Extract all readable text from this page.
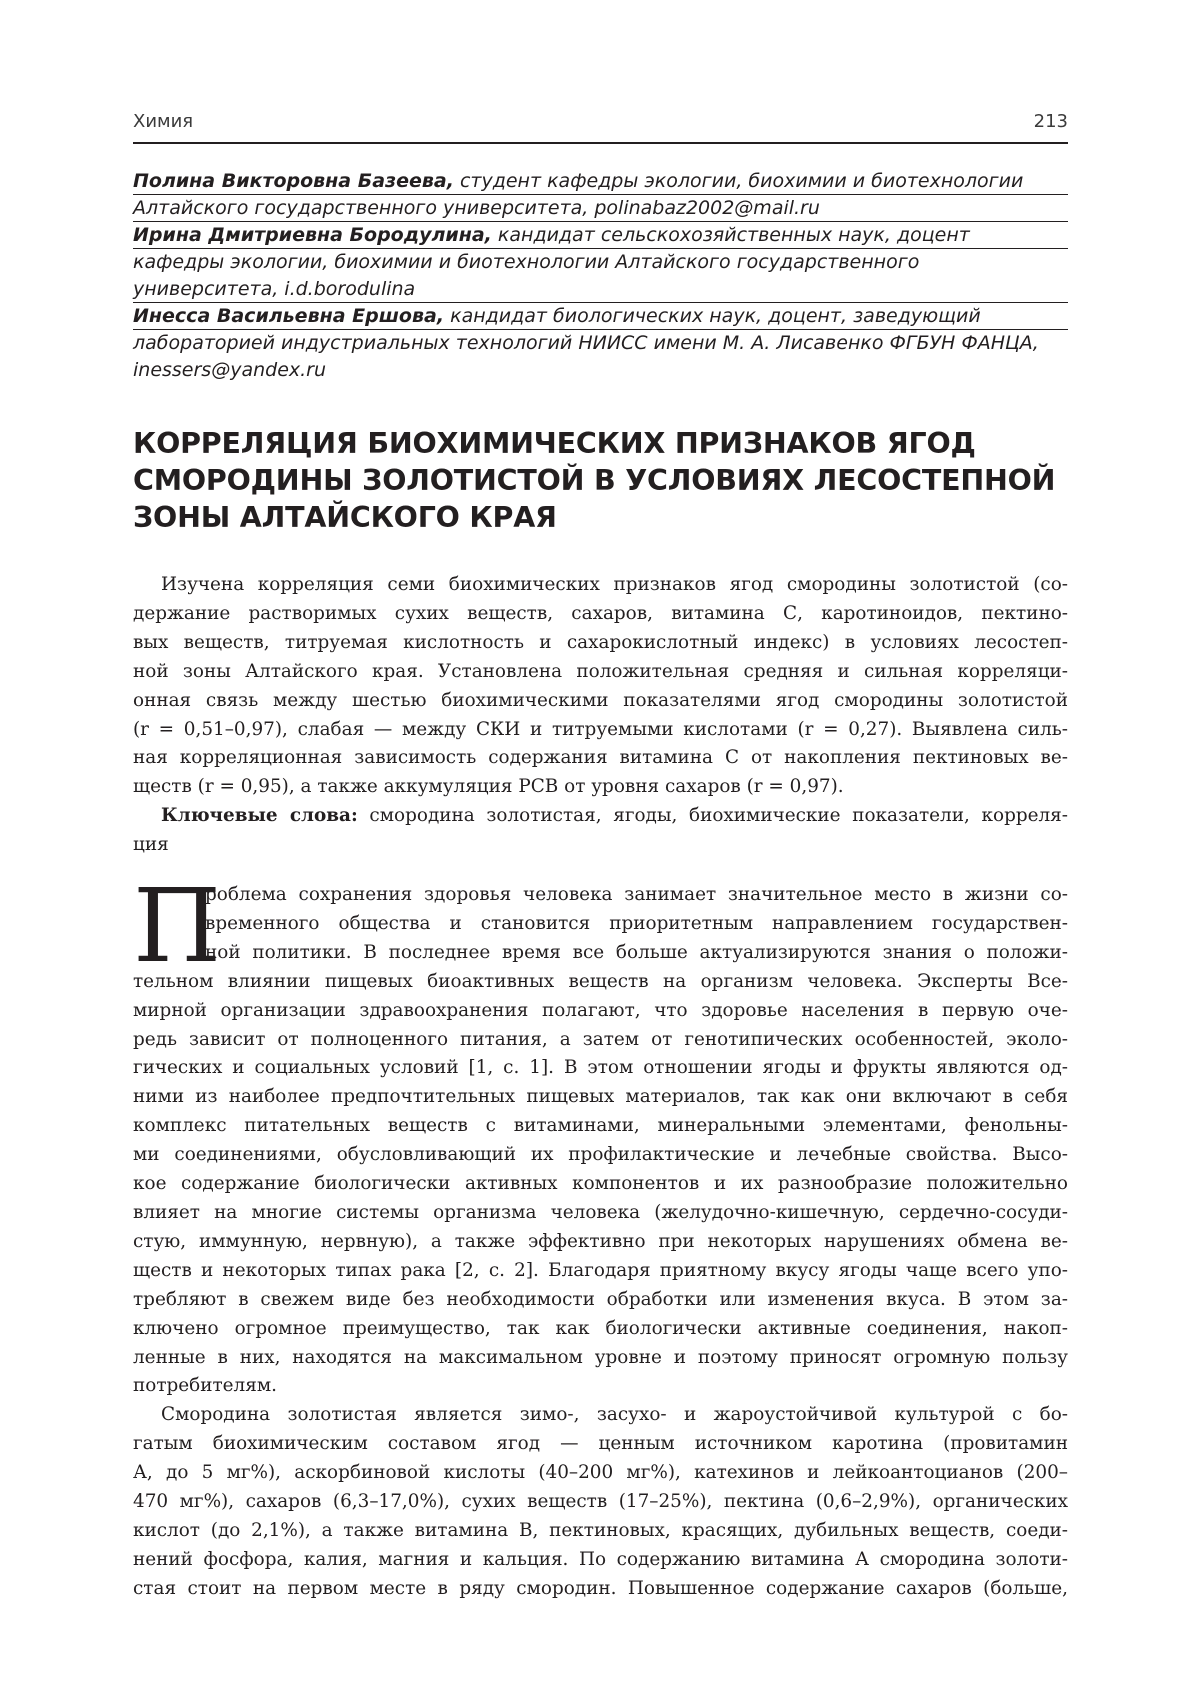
Химия	213
Полина Викторовна Базеева, студент кафедры экологии, биохимии и биотехнологии
Алтайского государственного университета, polinabaz2002@mail.ru
Ирина Дмитриевна Бородулина, кандидат сельскохозяйственных наук, доцент
кафедры экологии, биохимии и биотехнологии Алтайского государственного
университета, i.d.borodulina
Инесса Васильевна Ершова, кандидат биологических наук, доцент, заведующий
лабораторией индустриальных технологий НИИСС имени М. А. Лисавенко ФГБУН ФАНЦА,
inessers@yandex.ru
КОРРЕЛЯЦИЯ БИОХИМИЧЕСКИХ ПРИЗНАКОВ ЯГОД
СМОРОДИНЫ ЗОЛОТИСТОЙ В УСЛОВИЯХ ЛЕСОСТЕПНОЙ
ЗОНЫ АЛТАЙСКОГО КРАЯ
Изучена корреляция семи биохимических признаков ягод смородины золотистой (со-
держание растворимых сухих веществ, сахаров, витамина С, каротиноидов, пектино-
вых веществ, титруемая кислотность и сахарокислотный индекс) в условиях лесостеп-
ной зоны Алтайского края. Установлена положительная средняя и сильная корреляци-
онная связь между шестью биохимическими показателями ягод смородины золотистой
(r = 0,51–0,97), слабая — между СКИ и титруемыми кислотами (r = 0,27). Выявлена силь-
ная корреляционная зависимость содержания витамина С от накопления пектиновых ве-
ществ (r = 0,95), а также аккумуляция РСВ от уровня сахаров (r = 0,97).
Ключевые слова: смородина золотистая, ягоды, биохимические показатели, корреля-
ция
П
роблема сохранения здоровья человека занимает значительное место в жизни со-
временного общества и становится приоритетным направлением государствен-
ной политики. В последнее время все больше актуализируются знания о положи-
тельном влиянии пищевых биоактивных веществ на организм человека. Эксперты Все-
мирной организации здравоохранения полагают, что здоровье населения в первую оче-
редь зависит от полноценного питания, а затем от генотипических особенностей, эколо-
гических и социальных условий [1, с. 1]. В этом отношении ягоды и фрукты являются од-
ними из наиболее предпочтительных пищевых материалов, так как они включают в себя
комплекс питательных веществ с витаминами, минеральными элементами, фенольны-
ми соединениями, обусловливающий их профилактические и лечебные свойства. Высо-
кое содержание биологически активных компонентов и их разнообразие положительно
влияет на многие системы организма человека (желудочно-кишечную, сердечно-сосуди-
стую, иммунную, нервную), а также эффективно при некоторых нарушениях обмена ве-
ществ и некоторых типах рака [2, с. 2]. Благодаря приятному вкусу ягоды чаще всего упо-
требляют в свежем виде без необходимости обработки или изменения вкуса. В этом за-
ключено огромное преимущество, так как биологически активные соединения, накоп-
ленные в них, находятся на максимальном уровне и поэтому приносят огромную пользу
потребителям.
Смородина золотистая является зимо-, засухо- и жароустойчивой культурой с бо-
гатым биохимическим составом ягод — ценным источником каротина (провитамин
А, до 5 мг%), аскорбиновой кислоты (40–200 мг%), катехинов и лейкоантоцианов (200–
470 мг%), сахаров (6,3–17,0%), сухих веществ (17–25%), пектина (0,6–2,9%), органических
кислот (до 2,1%), а также витамина В, пектиновых, красящих, дубильных веществ, соеди-
нений фосфора, калия, магния и кальция. По содержанию витамина А смородина золоти-
стая стоит на первом месте в ряду смородин. Повышенное содержание сахаров (больше,
